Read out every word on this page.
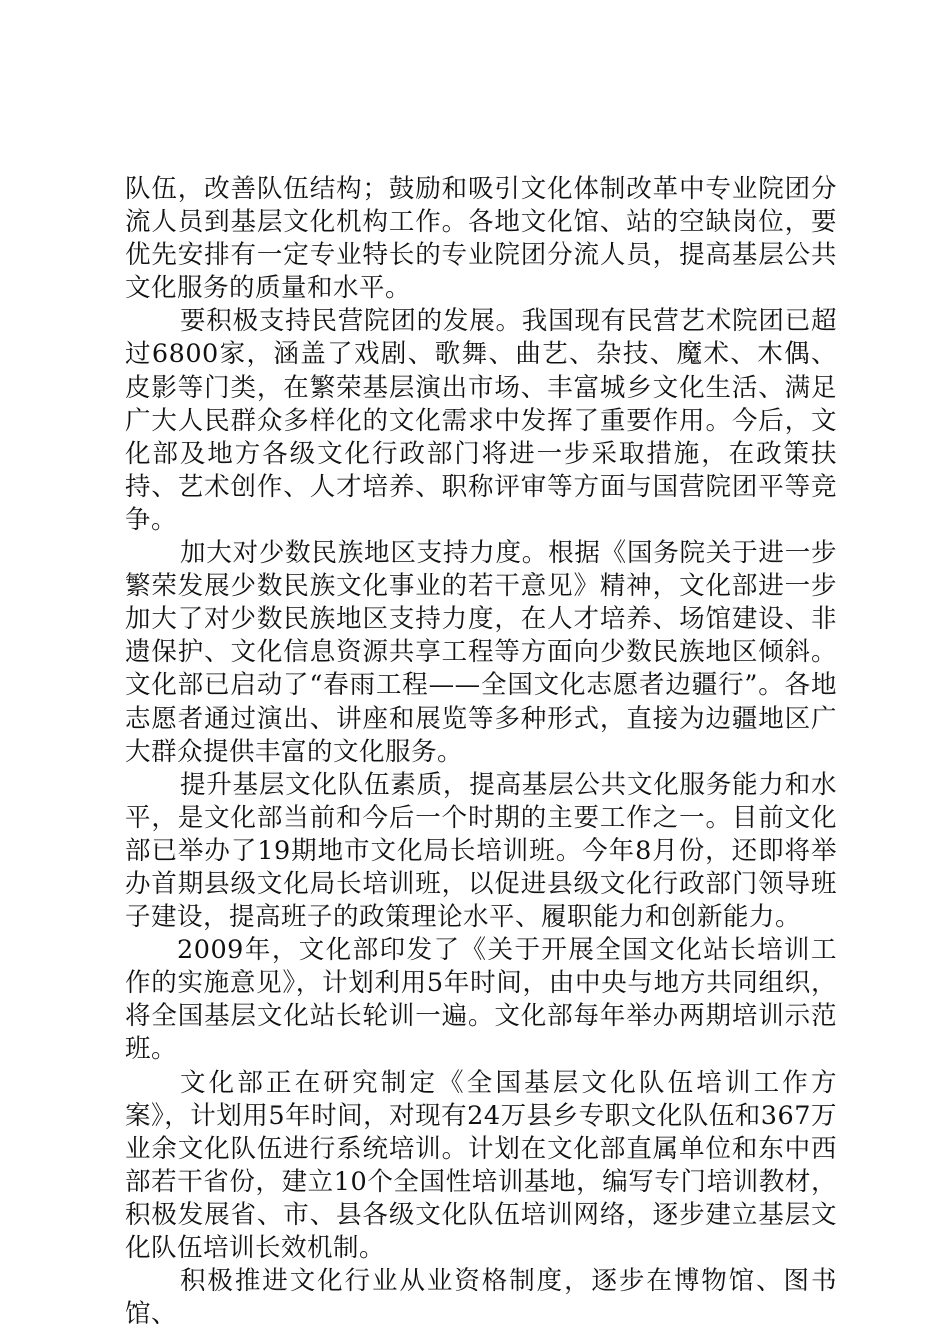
队伍，改善队伍结构；鼓励和吸引文化体制改革中专业院团分流人员到基层文化机构工作。各地文化馆、站的空缺岗位，要优先安排有一定专业特长的专业院团分流人员，提高基层公共文化服务的质量和水平。

要积极支持民营院团的发展。我国现有民营艺术院团已超过6800家，涵盖了戏剧、歌舞、曲艺、杂技、魔术、木偶、皮影等门类，在繁荣基层演出市场、丰富城乡文化生活、满足广大人民群众多样化的文化需求中发挥了重要作用。今后，文化部及地方各级文化行政部门将进一步采取措施，在政策扶持、艺术创作、人才培养、职称评审等方面与国营院团平等竞争。

加大对少数民族地区支持力度。根据《国务院关于进一步繁荣发展少数民族文化事业的若干意见》精神，文化部进一步加大了对少数民族地区支持力度，在人才培养、场馆建设、非遗保护、文化信息资源共享工程等方面向少数民族地区倾斜。文化部已启动了“春雨工程——全国文化志愿者边疆行”。各地志愿者通过演出、讲座和展览等多种形式，直接为边疆地区广大群众提供丰富的文化服务。

提升基层文化队伍素质，提高基层公共文化服务能力和水平，是文化部当前和今后一个时期的主要工作之一。目前文化部已举办了19期地市文化局长培训班。今年8月份，还即将举办首期县级文化局长培训班，以促进县级文化行政部门领导班子建设，提高班子的政策理论水平、履职能力和创新能力。

2009年，文化部印发了《关于开展全国文化站长培训工作的实施意见》，计划利用5年时间，由中央与地方共同组织，将全国基层文化站长轮训一遍。文化部每年举办两期培训示范班。

文化部正在研究制定《全国基层文化队伍培训工作方案》，计划用5年时间，对现有24万县乡专职文化队伍和367万业余文化队伍进行系统培训。计划在文化部直属单位和东中西部若干省份，建立10个全国性培训基地，编写专门培训教材，积极发展省、市、县各级文化队伍培训网络，逐步建立基层文化队伍培训长效机制。

积极推进文化行业从业资格制度，逐步在博物馆、图书馆、
